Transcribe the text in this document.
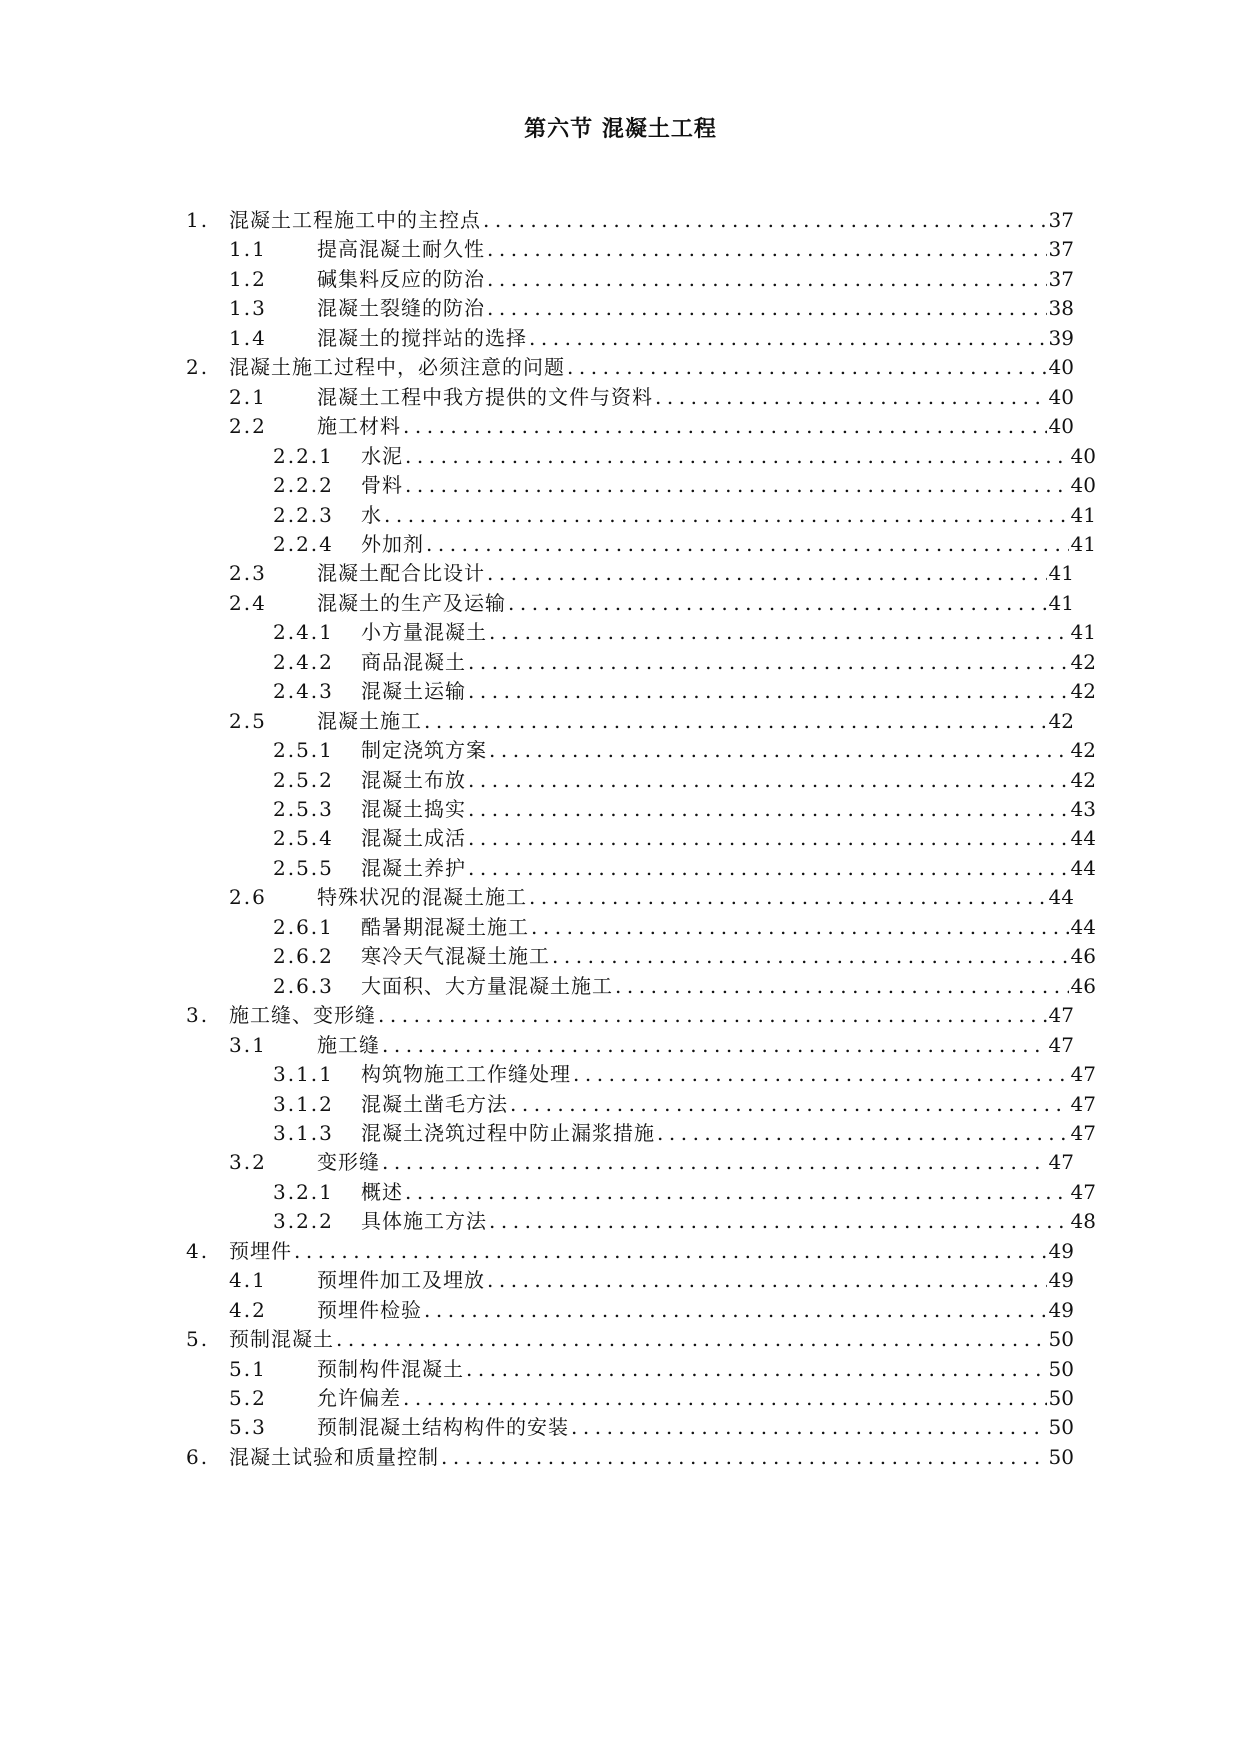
第六节 混凝土工程
1. 混凝土工程施工中的主控点 .....	37
1.1	提高混凝土耐久性 .....	37
1.2	碱集料反应的防治 .....	37
1.3	混凝土裂缝的防治 .....	38
1.4	混凝土的搅拌站的选择 .....	39
2. 混凝土施工过程中，必须注意的问题 .....	40
2.1	混凝土工程中我方提供的文件与资料 .....	40
2.2	施工材料 .....	40
2.2.1	水泥 .....	40
2.2.2	骨料 .....	40
2.2.3	水 .....	41
2.2.4	外加剂 .....	41
2.3	混凝土配合比设计 .....	41
2.4	混凝土的生产及运输 .....	41
2.4.1	小方量混凝土 .....	41
2.4.2	商品混凝土 .....	42
2.4.3	混凝土运输 .....	42
2.5	混凝土施工 .....	42
2.5.1	制定浇筑方案 .....	42
2.5.2	混凝土布放 .....	42
2.5.3	混凝土捣实 .....	43
2.5.4	混凝土成活 .....	44
2.5.5	混凝土养护 .....	44
2.6	特殊状况的混凝土施工 .....	44
2.6.1	酷暑期混凝土施工 .....	44
2.6.2	寒冷天气混凝土施工 .....	46
2.6.3	大面积、大方量混凝土施工 .....	46
3. 施工缝、变形缝 .....	47
3.1	施工缝 .....	47
3.1.1	构筑物施工工作缝处理 .....	47
3.1.2	混凝土凿毛方法 .....	47
3.1.3	混凝土浇筑过程中防止漏浆措施 .....	47
3.2	变形缝 .....	47
3.2.1	概述 .....	47
3.2.2	具体施工方法 .....	48
4. 预埋件 .....	49
4.1	预埋件加工及埋放 .....	49
4.2	预埋件检验 .....	49
5. 预制混凝土 .....	50
5.1	预制构件混凝土 .....	50
5.2	允许偏差 .....	50
5.3	预制混凝土结构构件的安装 .....	50
6. 混凝土试验和质量控制 .....	50
